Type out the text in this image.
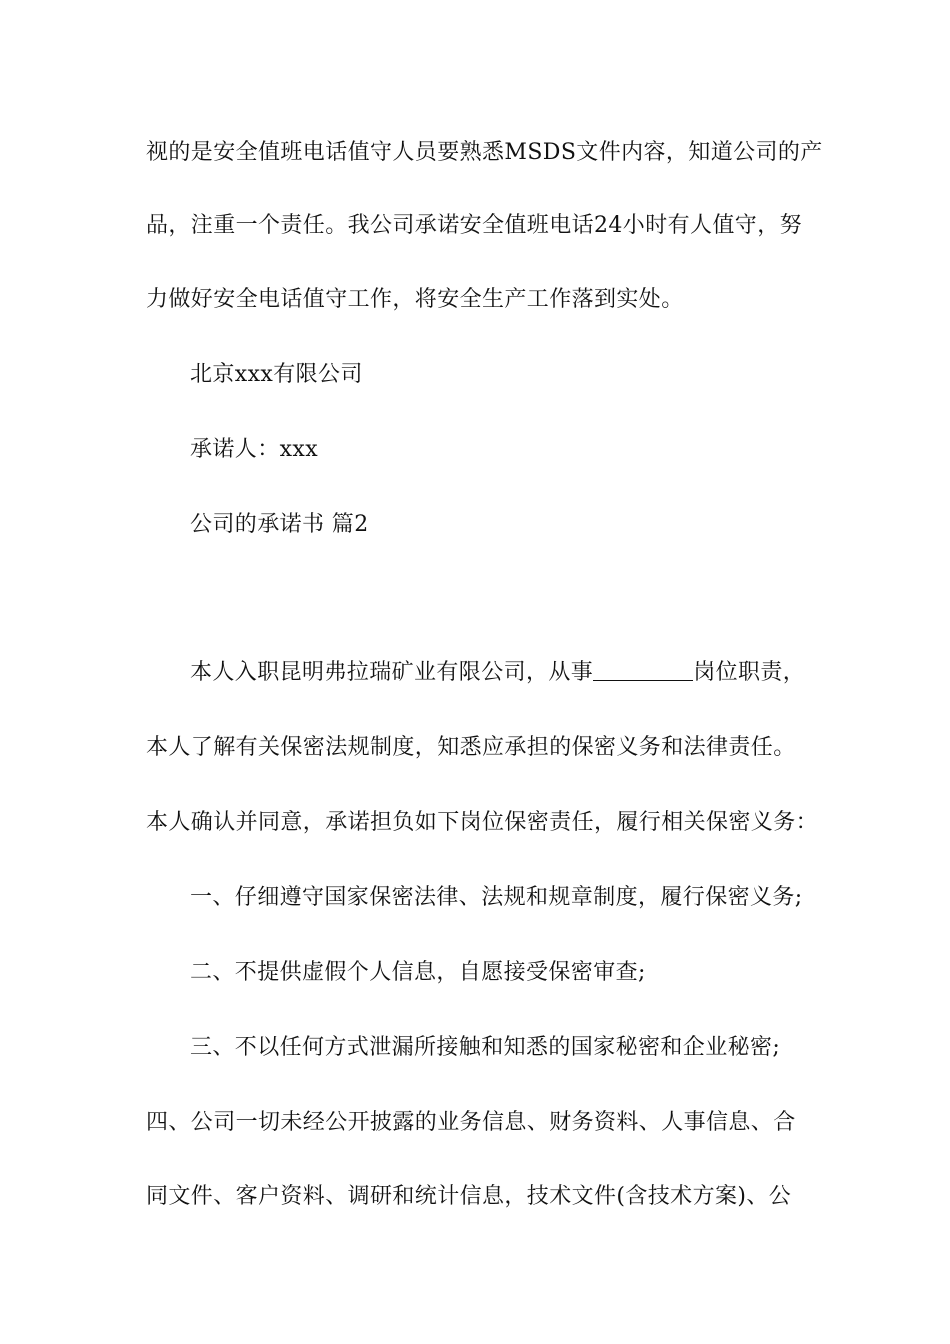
视的是安全值班电话值守人员要熟悉MSDS文件内容，知道公司的产
品，注重一个责任。我公司承诺安全值班电话24小时有人值守，努
力做好安全电话值守工作，将安全生产工作落到实处。
北京xxx有限公司
承诺人：xxx
公司的承诺书 篇2
本人入职昆明弗拉瑞矿业有限公司，从事	岗位职责，
本人了解有关保密法规制度，知悉应承担的保密义务和法律责任。
本人确认并同意，承诺担负如下岗位保密责任，履行相关保密义务：
一、仔细遵守国家保密法律、法规和规章制度，履行保密义务;
二、不提供虚假个人信息，自愿接受保密审查;
三、不以任何方式泄漏所接触和知悉的国家秘密和企业秘密;
四、公司一切未经公开披露的业务信息、财务资料、人事信息、合
同文件、客户资料、调研和统计信息，技术文件(含技术方案)、公
